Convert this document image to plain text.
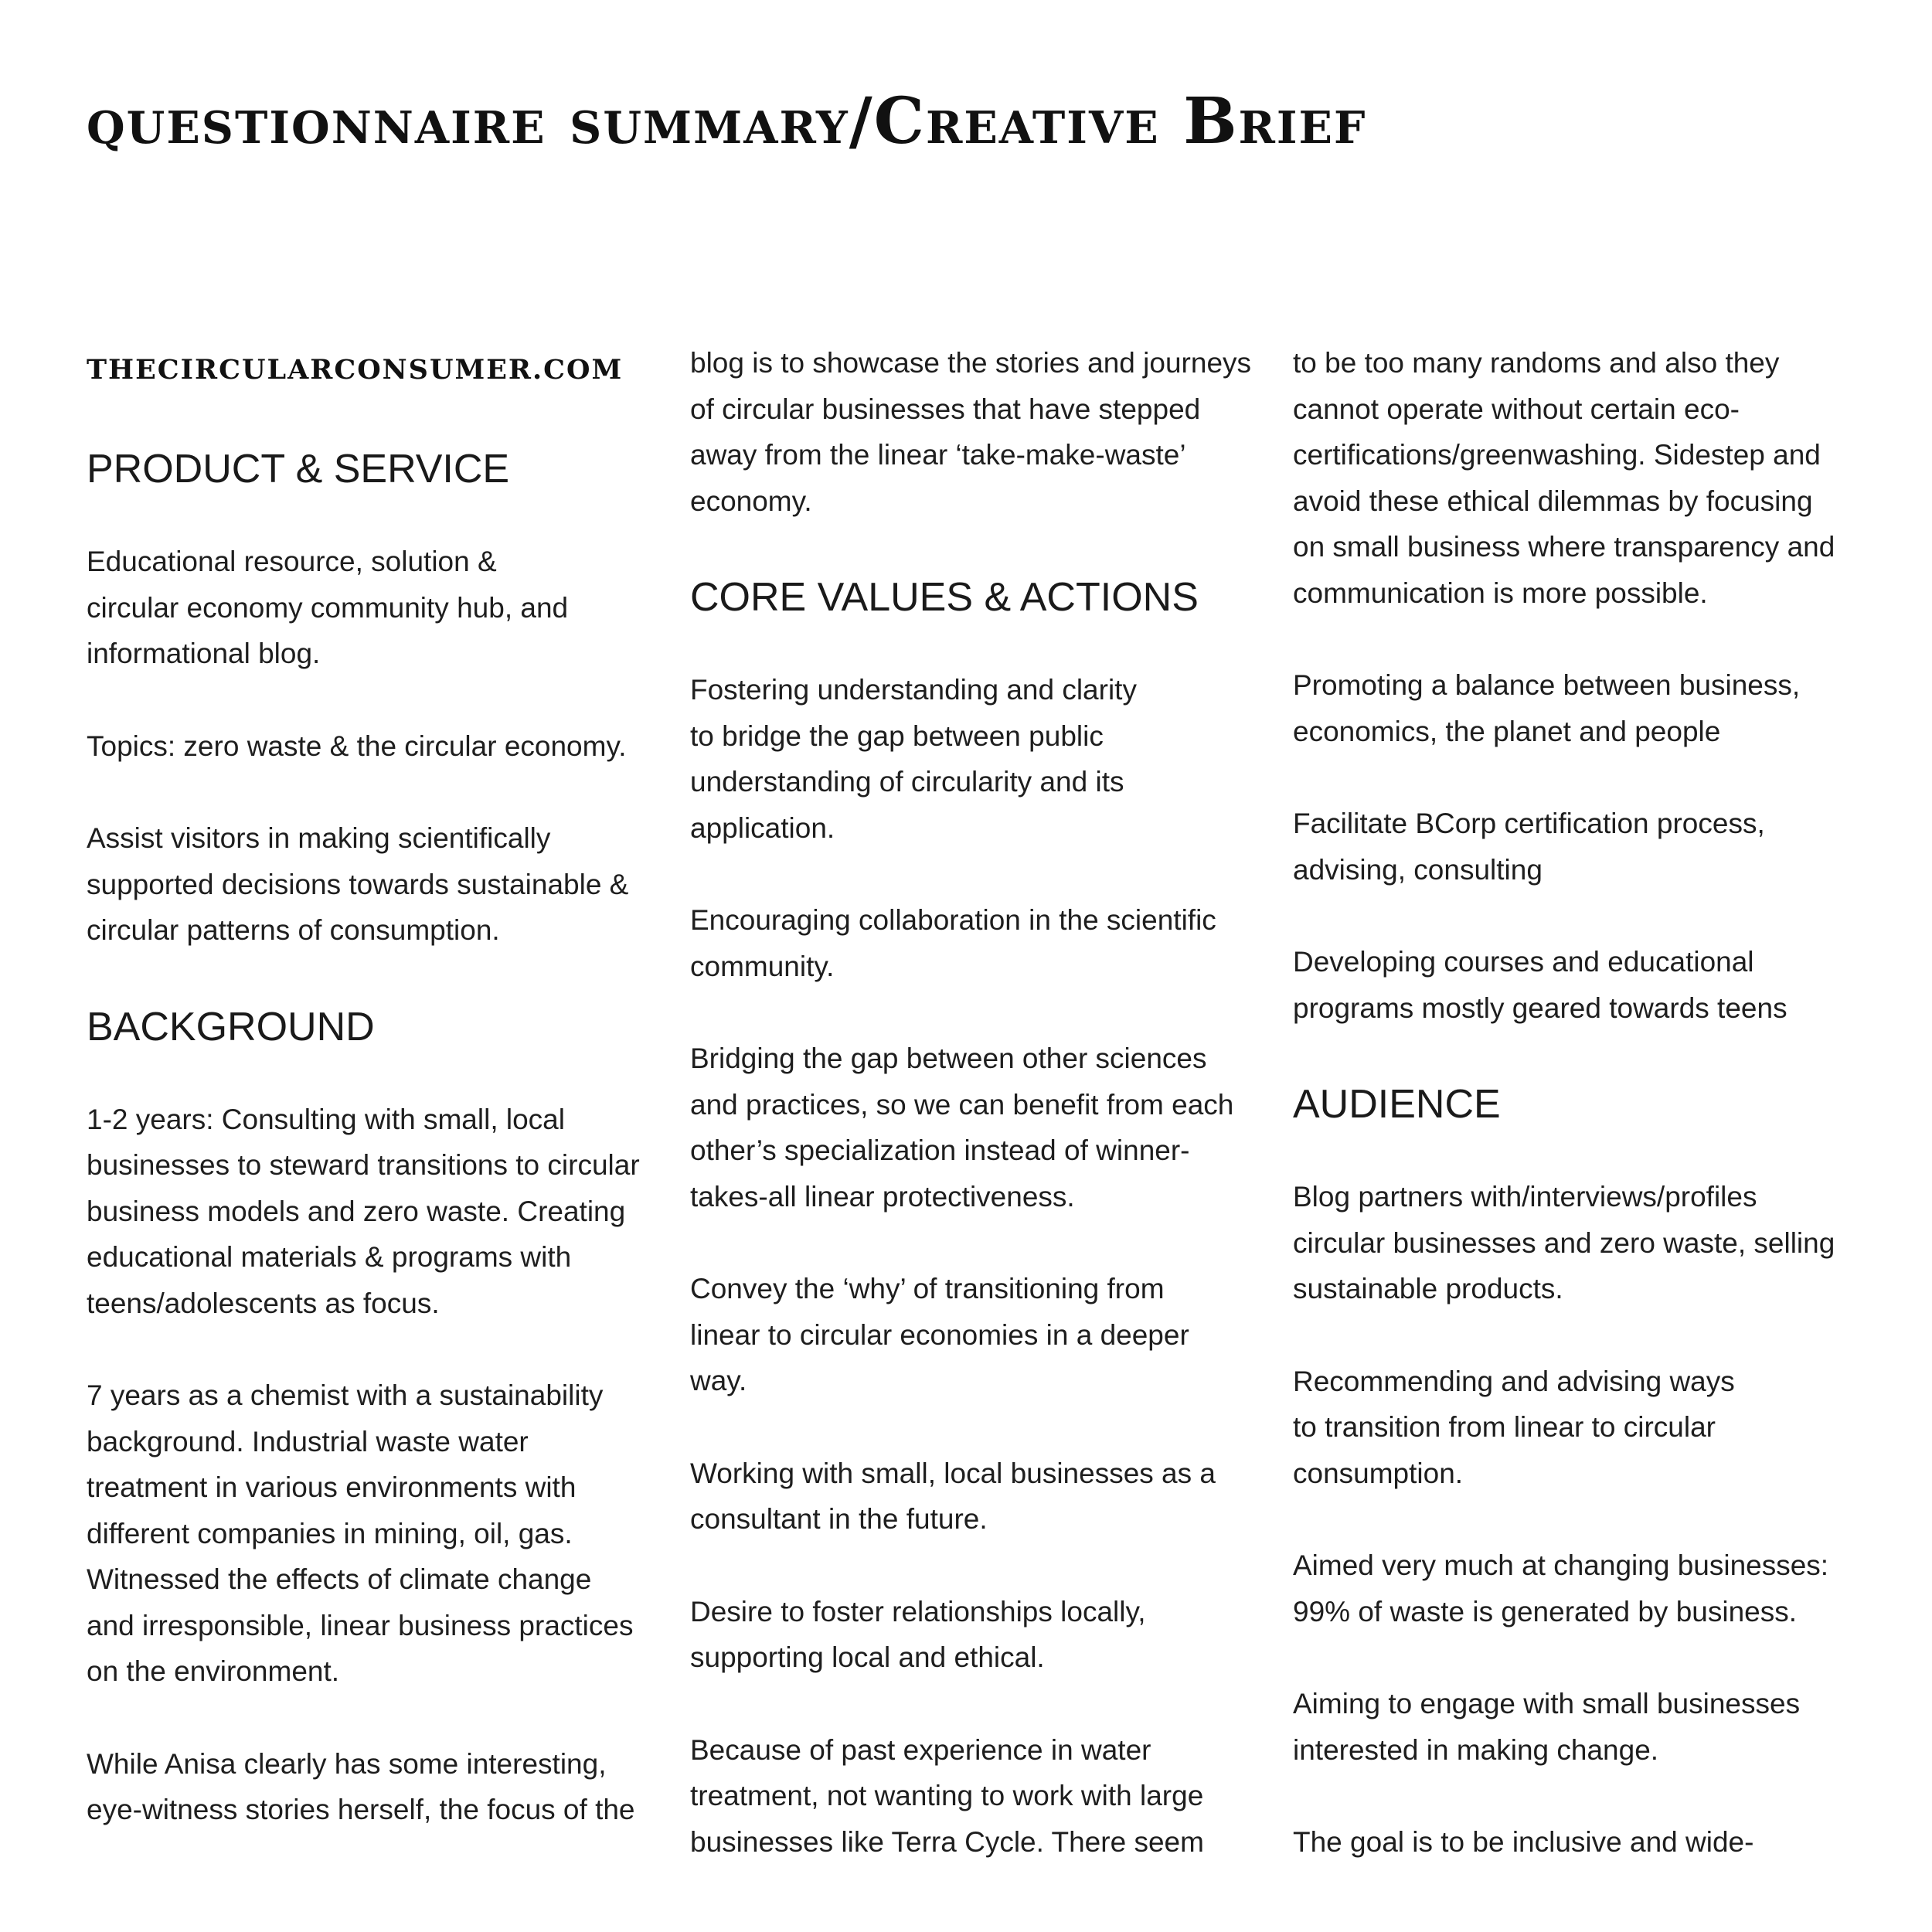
questionnaire summary/Creative Brief
THECIRCULARCONSUMER.COM
PRODUCT & SERVICE

Educational resource, solution &
circular economy community hub, and
informational blog.

Topics: zero waste & the circular economy.

Assist visitors in making scientifically
supported decisions towards sustainable &
circular patterns of consumption.

BACKGROUND

1-2 years: Consulting with small, local
businesses to steward transitions to circular
business models and zero waste. Creating
educational materials & programs with
teens/adolescents as focus.

7 years as a chemist with a sustainability
background. Industrial waste water
treatment in various environments with
different companies in mining, oil, gas.
Witnessed the effects of climate change
and irresponsible, linear business practices
on the environment.

While Anisa clearly has some interesting,
eye-witness stories herself, the focus of the

blog is to showcase the stories and journeys
of circular businesses that have stepped
away from the linear ‘take-make-waste’
economy.

CORE VALUES & ACTIONS

Fostering understanding and clarity
to bridge the gap between public
understanding of circularity and its
application.

Encouraging collaboration in the scientific
community.

Bridging the gap between other sciences
and practices, so we can benefit from each
other’s specialization instead of winner-
takes-all linear protectiveness.

Convey the ‘why’ of transitioning from
linear to circular economies in a deeper
way.

Working with small, local businesses as a
consultant in the future.

Desire to foster relationships locally,
supporting local and ethical.

Because of past experience in water
treatment, not wanting to work with large
businesses like Terra Cycle. There seem

to be too many randoms and also they
cannot operate without certain eco-
certifications/greenwashing. Sidestep and
avoid these ethical dilemmas by focusing
on small business where transparency and
communication is more possible.

Promoting a balance between business,
economics, the planet and people

Facilitate BCorp certification process,
advising, consulting

Developing courses and educational
programs mostly geared towards teens

AUDIENCE

Blog partners with/interviews/profiles
circular businesses and zero waste, selling
sustainable products.

Recommending and advising ways
to transition from linear to circular
consumption.

Aimed very much at changing businesses:
99% of waste is generated by business.

Aiming to engage with small businesses
interested in making change.

The goal is to be inclusive and wide-
